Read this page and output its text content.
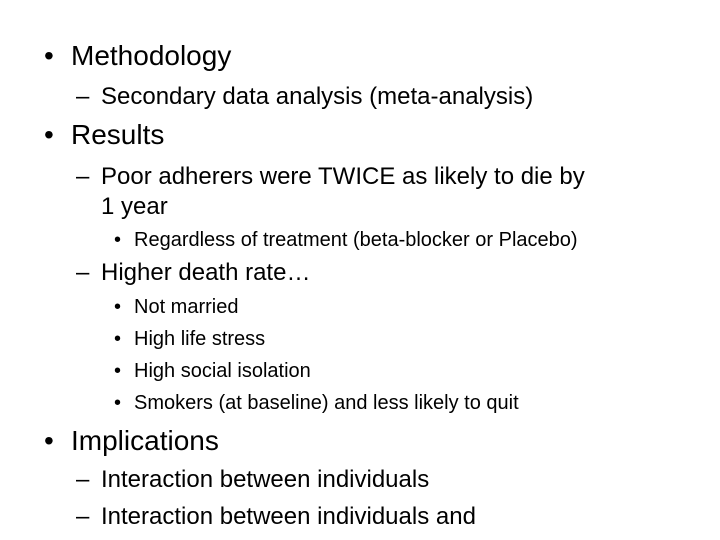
• Methodology
– Secondary data analysis (meta-analysis)
• Results
– Poor adherers were TWICE as likely to die by
1 year
• Regardless of treatment (beta-blocker or Placebo)
– Higher death rate…
• Not married
• High life stress
• High social isolation
• Smokers (at baseline) and less likely to quit
• Implications
– Interaction between individuals
– Interaction between individuals and
